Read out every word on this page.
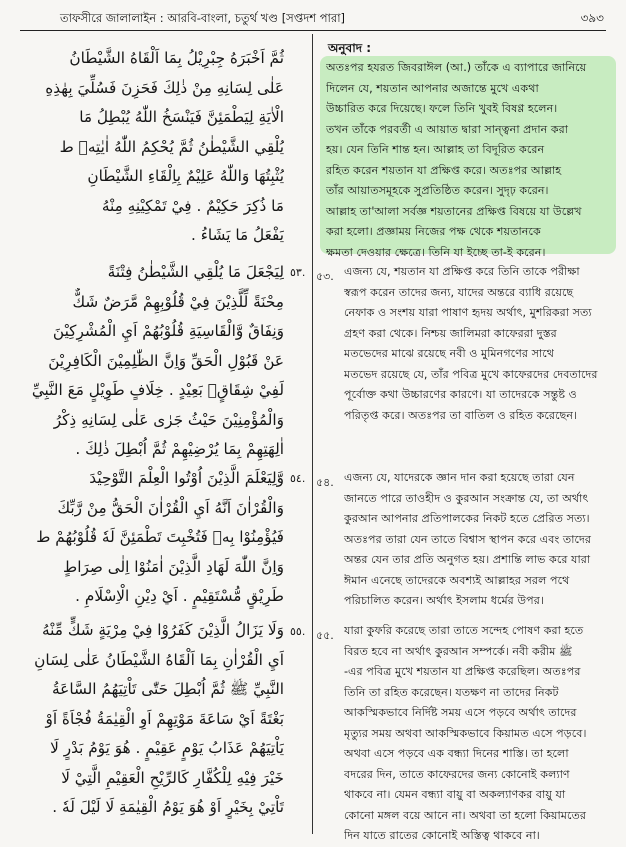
তাফসীরে জালালাইন : আরবি-বাংলা, চতুর্থ খণ্ড [সপ্তদশ পারা]	৩৯৩
ثُمَّ اَخْبَرَهُ جِبْرِيْلُ بِمَا اَلْقَاهُ الشَّيْطَانُ
عَلٰى لِسَانِهِ مِنْ ذٰلِكَ فَحَزِنَ فَسُلِّيَ بِهٰذِهِ
الْاٰيَةِ لِيَطْمَئِنَّ فَيَنْسَخُ اللّٰهُ يُبْطِلُ مَا
يُلْقِي الشَّيْطٰنُ ثُمَّ يُحْكِمُ اللّٰهُ اٰيٰتِهٖ ط
يُثْبِتُهَا وَاللّٰهُ عَلِيْمٌ بِاِلْقَاءِ الشَّيْطَانِ
مَا ذُكِرَ حَكِيْمٌ . فِيْ تَمْكِيْنِهِ مِنْهُ
يَفْعَلُ مَا يَشَاءُ .
لِيَجْعَلَ مَا يُلْقِي الشَّيْطٰنُ فِتْنَةً
مِحْنَةً لِّلَّذِيْنَ فِيْ قُلُوْبِهِمْ مَّرَضٌ شَكٌّ
وَنِفَاقٌ وَّالْقَاسِيَةِ قُلُوْبُهُمْ اَيِ الْمُشْرِكِيْنَ
عَنْ قَبُوْلِ الْحَقِّ وَاِنَّ الظّٰلِمِيْنَ الْكَافِرِيْنَ
لَفِيْ شِقَاقٍۭ بَعِيْدٍ . خِلَافٍ طَوِيْلٍ مَعَ النَّبِيِّ
وَالْمُؤْمِنِيْنَ حَيْثُ جَرٰى عَلٰى لِسَانِهِ ذِكْرُ
اٰلِهَتِهِمْ بِمَا يُرْضِيْهِمْ ثُمَّ اُبْطِلَ ذٰلِكَ .
وَّلِيَعْلَمَ الَّذِيْنَ اُوْتُوا الْعِلْمَ التَّوْحِيْدَ
وَالْقُرْاٰنَ اَنَّهُ اَيِ الْقُرْاٰنَ الْحَقُّ مِنْ رَّبِّكَ
فَيُؤْمِنُوْا بِهٖ فَتُخْبِتَ تَطْمَئِنَّ لَهٗ قُلُوْبُهُمْ ط
وَاِنَّ اللّٰهَ لَهَادِ الَّذِيْنَ اٰمَنُوْا اِلٰى صِرَاطٍ
طَرِيْقٍ مُّسْتَقِيْمٍ . اَيْ دِيْنِ الْاِسْلَامِ .
وَلَا يَزَالُ الَّذِيْنَ كَفَرُوْا فِيْ مِرْيَةٍ شَكٍّ مِّنْهُ
اَيِ الْقُرْاٰنِ بِمَا اَلْقَاهُ الشَّيْطَانُ عَلٰى لِسَانِ
النَّبِيِّ ﷺ ثُمَّ اُبْطِلَ حَتّٰى تَاْتِيَهُمُ السَّاعَةُ
بَغْتَةً اَيْ سَاعَةَ مَوْتِهِمْ اَوِ الْقِيٰمَةُ فُجْاَةً اَوْ
يَاْتِيَهُمْ عَذَابُ يَوْمٍ عَقِيْمٍ . هُوَ يَوْمُ بَدْرٍ لَا
خَيْرَ فِيْهِ لِلْكُفَّارِ كَالرِّيْحِ الْعَقِيْمِ الَّتِيْ لَا
تَاْتِيْ بِخَيْرٍ اَوْ هُوَ يَوْمُ الْقِيٰمَةِ لَا لَيْلَ لَهٗ .
٥٣.
٥٤.
٥٥.
অনুবাদ :
অতঃপর হযরত জিবরাঈল (আ.) তাঁকে এ ব্যাপারে জানিয়ে
দিলেন যে, শয়তান আপনার অজান্তে মুখে একথা
উচ্চারিত করে দিয়েছে। ফলে তিনি খুবই বিষণ্ণ হলেন।
তখন তাঁকে পরবর্তী এ আয়াত দ্বারা সান্ত্বনা প্রদান করা
হয়। যেন তিনি শান্ত হন। আল্লাহ তা বিদূরিত করেন
রহিত করেন শয়তান যা প্রক্ষিপ্ত করে। অতঃপর আল্লাহ
তাঁর আয়াতসমূহকে সুপ্রতিষ্ঠিত করেন। সুদৃঢ় করেন।
আল্লাহ তা'আলা সর্বজ্ঞ শয়তানের প্রক্ষিপ্ত বিষয়ে যা উল্লেখ
করা হলো। প্রজ্ঞাময় নিজের পক্ষ থেকে শয়তানকে
ক্ষমতা দেওয়ার ক্ষেত্রে। তিনি যা ইচ্ছে তা-ই করেন।
৫৩. এজন্য যে, শয়তান যা প্রক্ষিপ্ত করে তিনি তাকে পরীক্ষা
স্বরূপ করেন তাদের জন্য, যাদের অন্তরে ব্যাধি রয়েছে
নেফাক ও সংশয় যারা পাষাণ হৃদয় অর্থাৎ, মুশরিকরা সত্য
গ্রহণ করা থেকে। নিশ্চয় জালিমরা কাফেররা দুস্তর
মতভেদের মাঝে রয়েছে নবী ও মুমিনগণের সাথে
মতভেদ রয়েছে যে, তাঁর পবিত্র মুখে কাফেরদের দেবতাদের
পূর্বোক্ত কথা উচ্চারণের কারণে। যা তাদেরকে সন্তুষ্ট ও
পরিতৃপ্ত করে। অতঃপর তা বাতিল ও রহিত করেছেন।
৫৪. এজন্য যে, যাদেরকে জ্ঞান দান করা হয়েছে তারা যেন
জানতে পারে তাওহীদ ও কুরআন সংক্রান্ত যে, তা অর্থাৎ
কুরআন আপনার প্রতিপালকের নিকট হতে প্রেরিত সত্য।
অতঃপর তারা যেন তাতে বিশ্বাস স্থাপন করে এবং তাদের
অন্তর যেন তার প্রতি অনুগত হয়। প্রশান্তি লাভ করে যারা
ঈমান এনেছে তাদেরকে অবশ্যই আল্লাহর সরল পথে
পরিচালিত করেন। অর্থাৎ ইসলাম ধর্মের উপর।
৫৫. যারা কুফরি করেছে তারা তাতে সন্দেহ পোষণ করা হতে
বিরত হবে না অর্থাৎ কুরআন সম্পর্কে। নবী করীম ﷺ
-এর পবিত্র মুখে শয়তান যা প্রক্ষিপ্ত করেছিল। অতঃপর
তিনি তা রহিত করেছেন। যতক্ষণ না তাদের নিকট
আকস্মিকভাবে নির্দিষ্ট সময় এসে পড়বে অর্থাৎ তাদের
মৃত্যুর সময় অথবা আকস্মিকভাবে কিয়ামত এসে পড়বে।
অথবা এসে পড়বে এক বন্ধ্যা দিনের শাস্তি। তা হলো
বদরের দিন, তাতে কাফেরদের জন্য কোনোই কল্যাণ
থাকবে না। যেমন বন্ধ্যা বায়ু বা অকল্যাণকর বায়ু যা
কোনো মঙ্গল বয়ে আনে না। অথবা তা হলো কিয়ামতের
দিন যাতে রাতের কোনোই অস্তিত্ব থাকবে না।
